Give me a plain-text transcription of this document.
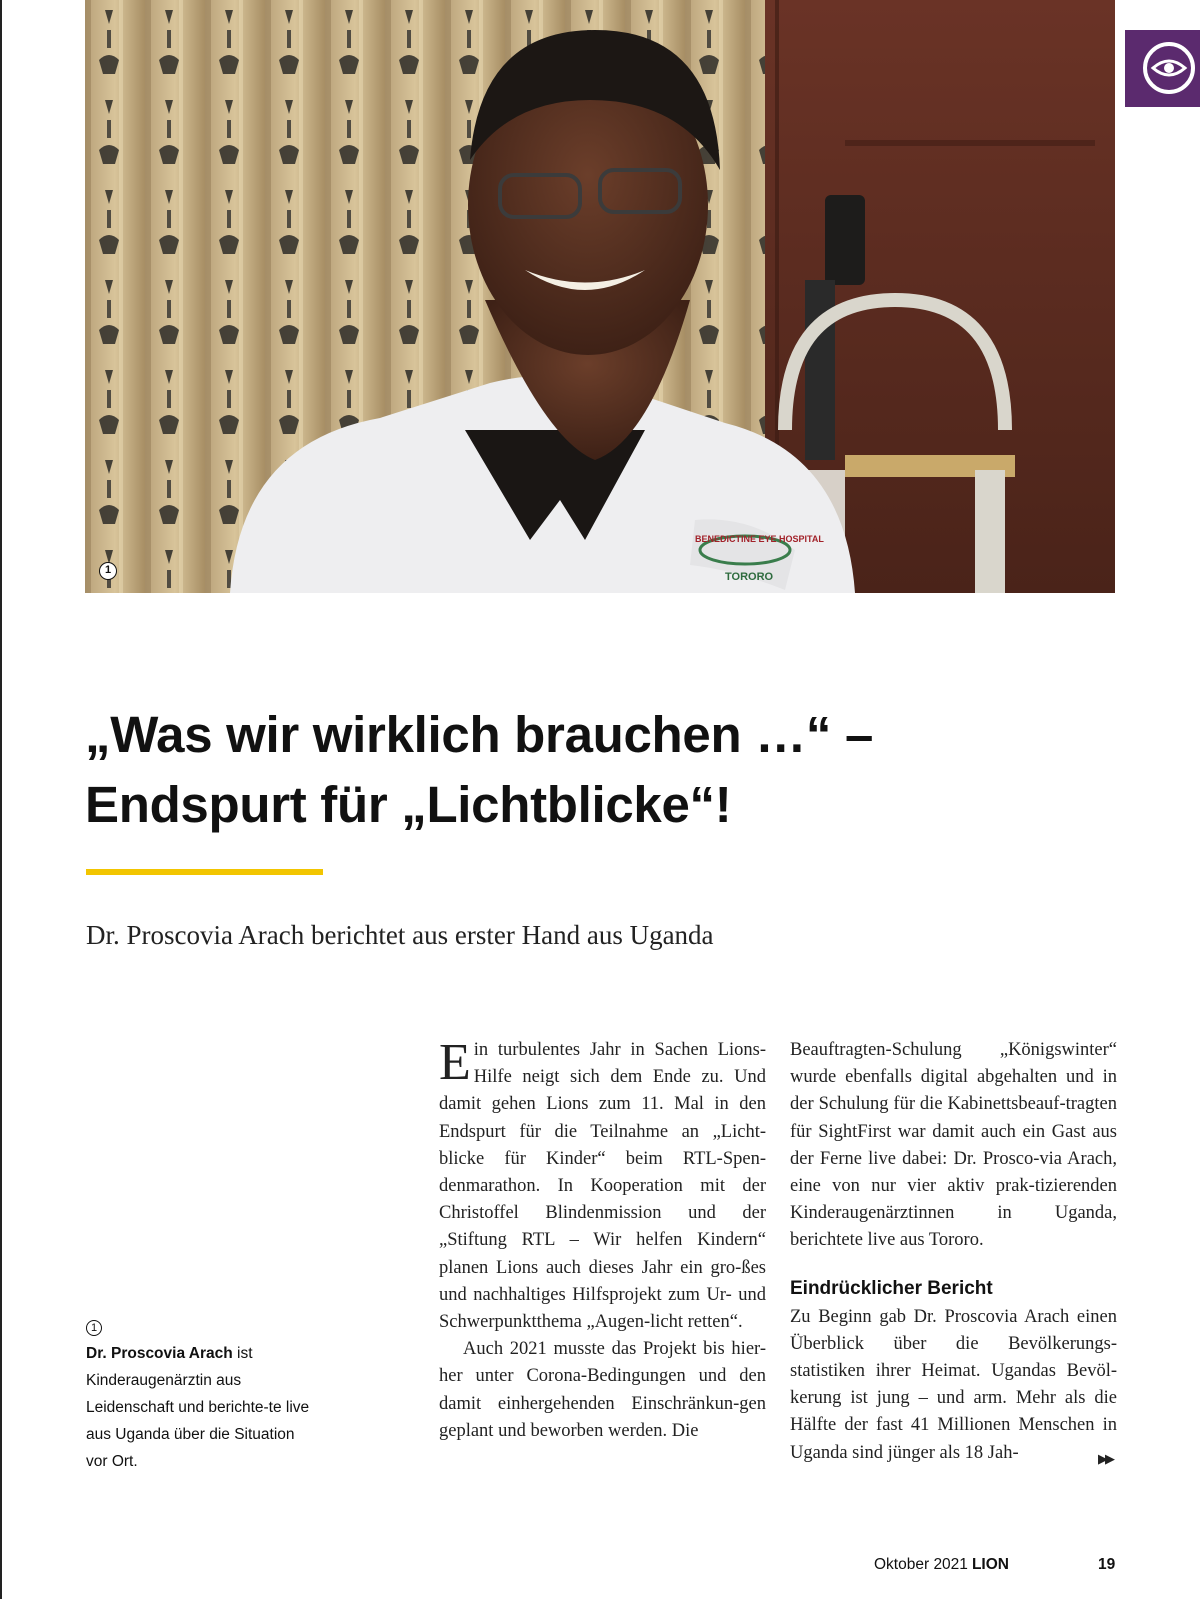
BENEDICTINE EYE HOSPITAL
TORORO
1
„Was wir wirklich brauchen …“ –
Endspurt für „Lichtblicke“!

Dr. Proscovia Arach berichtet aus erster Hand aus Uganda

1
Dr. Proscovia Arach ist Kinderaugenärztin aus Leidenschaft und berichte-te live aus Uganda über die Situation vor Ort.

Ein turbulentes Jahr in Sachen Lions-Hilfe neigt sich dem Ende zu. Und damit gehen Lions zum 11. Mal in den Endspurt für die Teilnahme an „Licht-blicke für Kinder“ beim RTL-Spen-denmarathon. In Kooperation mit der Christoffel Blindenmission und der „Stiftung RTL – Wir helfen Kindern“ planen Lions auch dieses Jahr ein gro-ßes und nachhaltiges Hilfsprojekt zum Ur- und Schwerpunktthema „Augen-licht retten“.

Auch 2021 musste das Projekt bis hier-her unter Corona-Bedingungen und den damit einhergehenden Einschränkun-gen geplant und beworben werden. Die

Beauftragten-Schulung „Königswinter“ wurde ebenfalls digital abgehalten und in der Schulung für die Kabinettsbeauf-tragten für SightFirst war damit auch ein Gast aus der Ferne live dabei: Dr. Prosco-via Arach, eine von nur vier aktiv prak-tizierenden Kinderaugenärztinnen in Uganda, berichtete live aus Tororo.

Eindrücklicher Bericht

Zu Beginn gab Dr. Proscovia Arach einen Überblick über die Bevölkerungs-statistiken ihrer Heimat. Ugandas Bevöl-kerung ist jung – und arm. Mehr als die Hälfte der fast 41 Millionen Menschen in Uganda sind jünger als 18 Jah-	▶▶
Oktober 2021 LION	19
